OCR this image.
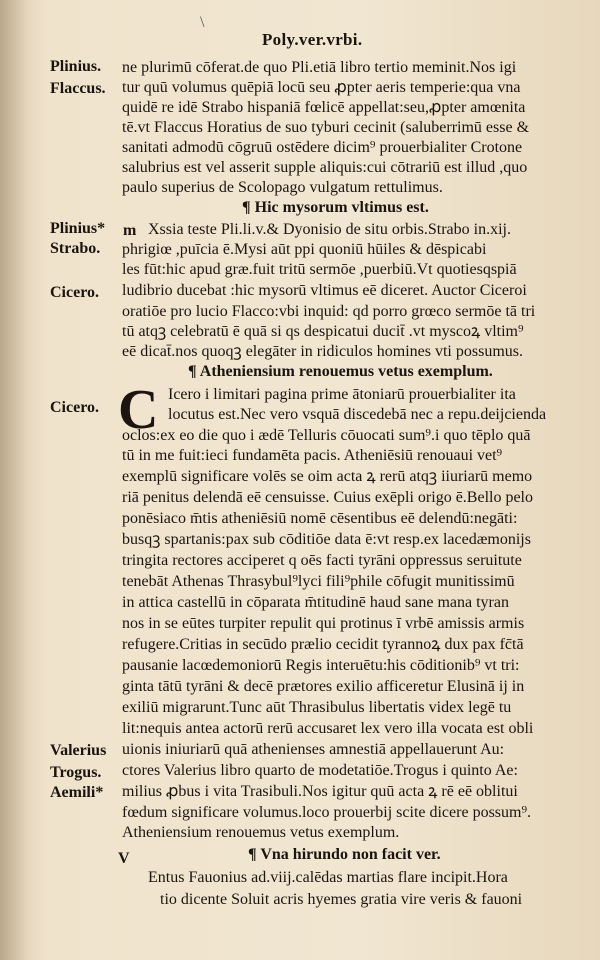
\
Poly.ver.vrbi.
Plinius.
Flaccus.
Plinius*
Strabo.
Cicero.
Cicero.
Valerius
Trogus.
Aemili*
m
C
V
ne plurimū cōferat.de quo Pli.etiā libro tertio meminit.Nos igi
tur quū volumus quēpiā locū seu ꝓpter aeris temperie:qua vna
quidē re idē Strabo hispaniā fœlicē appellat:seu,ꝓpter amœnita
tē.vt Flaccus Horatius de suo tyburi cecinit (saluberrimū esse &
sanitati admodū cōgruū ostēdere dicim⁹ prouerbialiter Crotone
salubrius est vel asserit supple aliquis:cui cōtrariū est illud ,quo
paulo superius de Scolopago vulgatum rettulimus.
¶ Hic mysorum vltimus est.
Xssia teste Pli.li.v.& Dyonisio de situ orbis.Strabo in.xij.
phrigiœ ,puīcia ē.Mysi aūt ppi quoniū hūiles & dēspicabi
les fūt:hic apud græ.fuit tritū sermōe ,puerbiū.Vt quotiesqspiā
ludibrio ducebat :hic mysorū vltimus eē diceret. Auctor Ciceroi
oratiōe pro lucio Flacco:vbi inquid: qd porro grœco sermōe tā tri
tū atqꝫ celebratū ē quā si qs despicatui ducit̄ .vt myscoꝝ vltim⁹
eē dicat̄.nos quoqꝫ elegāter in ridiculos homines vti possumus.
¶ Atheniensium renouemus vetus exemplum.
Icero i limitari pagina prime ātoniarū prouerbialiter ita
locutus est.Nec vero vsquā discedebā nec a repu.deijcienda
oclos:ex eo die quo i ædē Telluris cōuocati sum⁹.i quo tēplo quā
tū in me fuit:ieci fundamēta pacis. Atheniēsiū renouaui vet⁹
exemplū significare volēs se oim acta ꝝ rerū atqꝫ iiuriarū memo
riā penitus delendā eē censuisse. Cuius exēpli origo ē.Bello pelo
ponēsiaco m̄tis atheniēsiū nomē cēsentibus eē delendū:negāti:
busqꝫ spartanis:pax sub cōditiōe data ē:vt resp.ex lacedæmonijs
tringita rectores acciperet q oēs facti tyrāni oppressus seruitute
tenebāt Athenas Thrasybul⁹lyci fili⁹phile cōfugit munitissimū
in attica castellū in cōparata m̄titudinē haud sane mana tyran
nos in se eūtes turpiter repulit qui protinus ī vrbē amissis armis
refugere.Critias in secūdo prælio cecidit tyrannoꝝ dux pax fc̄tā
pausanie lacœdemoniorū Regis interuētu:his cōditionib⁹ vt tri:
ginta tātū tyrāni & decē prætores exilio afficeretur Elusinā ij in
exiliū migrarunt.Tunc aūt Thrasibulus libertatis videx legē tu
lit:nequis antea actorū rerū accusaret lex vero illa vocata est obli
uionis iniuriarū quā athenienses amnestiā appellauerunt Au:
ctores Valerius libro quarto de modetatiōe.Trogus i quinto Ae:
milius ꝓbus i vita Trasibuli.Nos igitur quū acta ꝝ rē eē oblitui
fœdum significare volumus.loco prouerbij scite dicere possum⁹.
Atheniensium renouemus vetus exemplum.
¶ Vna hirundo non facit ver.
Entus Fauonius ad.viij.calēdas martias flare incipit.Hora
tio dicente Soluit acris hyemes gratia vire veris & fauoni
